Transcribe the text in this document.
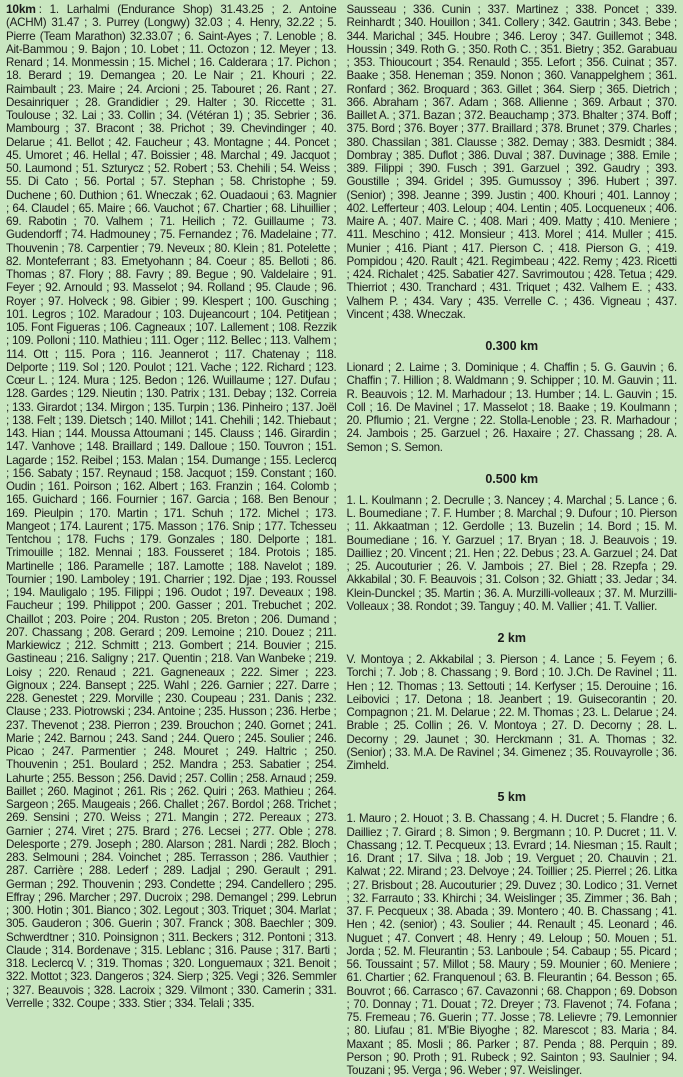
10km : 1. Larhalmi (Endurance Shop) 31.43.25 ; 2. Antoine (ACHM) 31.47 ; 3. Purrey (Longwy) 32.03 ; 4. Henry, 32.22 ; 5. Pierre (Team Marathon) 32.33.07 ; 6. Saint-Ayes ; 7. Lenoble ; 8. Ait-Bammou ; 9. Bajon ; 10. Lobet ; 11. Octozon ; 12. Meyer ; 13. Renard ; 14. Monmessin ; 15. Michel ; 16. Calderara ; 17. Pichon ; 18. Berard ; 19. Demangea ; 20. Le Nair ; 21. Khouri ; 22. Raimbault ; 23. Maire ; 24. Arcioni ; 25. Tabouret ; 26. Rant ; 27. Desainriquer ; 28. Grandidier ; 29. Halter ; 30. Riccette ; 31. Toulouse ; 32. Lai ; 33. Collin ; 34. (Vétéran 1) ; 35. Sebrier ; 36. Mambourg ; 37. Bracont ; 38. Prichot ; 39. Chevindinger ; 40. Delarue ; 41. Bellot ; 42. Faucheur ; 43. Montagne ; 44. Poncet ; 45. Umoret ; 46. Hellal ; 47. Boissier ; 48. Marchal ; 49. Jacquot ; 50. Laumond ; 51. Szturycz ; 52. Robert ; 53. Chehili ; 54. Weiss ; 55. Di Cato ; 56. Portal ; 57. Stephan ; 58. Christophe ; 59. Duchene ; 60. Duthion ; 61. Wneczak ; 62. Ouadaoui ; 63. Magnier ; 64. Claudel ; 65. Maire ; 66. Vauchot ; 67. Chartier ; 68. Lihuillier ; 69. Rabotin ; 70. Valhem ; 71. Heilich ; 72. Guillaume ; 73. Gudendorff ; 74. Hadmouney ; 75. Fernandez ; 76. Madelaine ; 77. Thouvenin ; 78. Carpentier ; 79. Neveux ; 80. Klein ; 81. Potelette ; 82. Monteferrant ; 83. Emetyohann ; 84. Coeur ; 85. Belloti ; 86. Thomas ; 87. Flory ; 88. Favry ; 89. Begue ; 90. Valdelaire ; 91. Feyer ; 92. Arnould ; 93. Masselot ; 94. Rolland ; 95. Claude ; 96. Royer ; 97. Holveck ; 98. Gibier ; 99. Klespert ; 100. Gusching ; 101. Legros ; 102. Maradour ; 103. Dujeancourt ; 104. Petitjean ; 105. Font Figueras ; 106. Cagneaux ; 107. Lallement ; 108. Rezzik ; 109. Polloni ; 110. Mathieu ; 111. Oger ; 112. Bellec ; 113. Valhem ; 114. Ott ; 115. Pora ; 116. Jeannerot ; 117. Chatenay ; 118. Delporte ; 119. Sol ; 120. Poulot ; 121. Vache ; 122. Richard ; 123. Cœur L. ; 124. Mura ; 125. Bedon ; 126. Wuillaume ; 127. Dufau ; 128. Gardes ; 129. Nieutin ; 130. Patrix ; 131. Debay ; 132. Correia ; 133. Girardot ; 134. Mirgon ; 135. Turpin ; 136. Pinheiro ; 137. Joël ; 138. Felt ; 139. Dietsch ; 140. Millot ; 141. Chehili ; 142. Thiebaut ; 143. Hian ; 144. Moussa Attoumani ; 145. Clauss ; 146. Girardin ; 147. Vanhove ; 148. Braillard ; 149. Dalloue ; 150. Touvron ; 151. Lagarde ; 152. Reibel ; 153. Malan ; 154. Dumange ; 155. Leclercq ; 156. Sabaty ; 157. Reynaud ; 158. Jacquot ; 159. Constant ; 160. Oudin ; 161. Poirson ; 162. Albert ; 163. Franzin ; 164. Colomb ; 165. Guichard ; 166. Fournier ; 167. Garcia ; 168. Ben Benour ; 169. Pieulpin ; 170. Martin ; 171. Schuh ; 172. Michel ; 173. Mangeot ; 174. Laurent ; 175. Masson ; 176. Snip ; 177. Tchesseu Tentchou ; 178. Fuchs ; 179. Gonzales ; 180. Delporte ; 181. Trimouille ; 182. Mennai ; 183. Fousseret ; 184. Protois ; 185. Martinelle ; 186. Paramelle ; 187. Lamotte ; 188. Navelot ; 189. Tournier ; 190. Lamboley ; 191. Charrier ; 192. Djae ; 193. Roussel ; 194. Mauligalo ; 195. Filippi ; 196. Oudot ; 197. Deveaux ; 198. Faucheur ; 199. Philippot ; 200. Gasser ; 201. Trebuchet ; 202. Chaillot ; 203. Poire ; 204. Ruston ; 205. Breton ; 206. Dumand ; 207. Chassang ; 208. Gerard ; 209. Lemoine ; 210. Douez ; 211. Markiewicz ; 212. Schmitt ; 213. Gombert ; 214. Bouvier ; 215. Gastineau ; 216. Saligny ; 217. Quentin ; 218. Van Wanbeke ; 219. Loisy ; 220. Renaud ; 221. Gagneneaux ; 222. Simer ; 223. Gignoux ; 224. Bansept ; 225. Wahl ; 226. Garnier ; 227. Darre ; 228. Genestet ; 229. Morville ; 230. Coupeau ; 231. Danis ; 232. Clause ; 233. Piotrowski ; 234. Antoine ; 235. Husson ; 236. Herbe ; 237. Thevenot ; 238. Pierron ; 239. Brouchon ; 240. Gornet ; 241. Marie ; 242. Barnou ; 243. Sand ; 244. Quero ; 245. Soulier ; 246. Picao ; 247. Parmentier ; 248. Mouret ; 249. Haltric ; 250. Thouvenin ; 251. Boulard ; 252. Mandra ; 253. Sabatier ; 254. Lahurte ; 255. Besson ; 256. David ; 257. Collin ; 258. Arnaud ; 259. Baillet ; 260. Maginot ; 261. Ris ; 262. Quiri ; 263. Mathieu ; 264. Sargeon ; 265. Maugeais ; 266. Challet ; 267. Bordol ; 268. Trichet ; 269. Sensini ; 270. Weiss ; 271. Mangin ; 272. Pereaux ; 273. Garnier ; 274. Viret ; 275. Brard ; 276. Lecsei ; 277. Oble ; 278. Delesporte ; 279. Joseph ; 280. Alarson ; 281. Nardi ; 282. Bloch ; 283. Selmouni ; 284. Voinchet ; 285. Terrasson ; 286. Vauthier ; 287. Carrière ; 288. Lederf ; 289. Ladjal ; 290. Gerault ; 291. German ; 292. Thouvenin ; 293. Condette ; 294. Candellero ; 295. Effray ; 296. Marcher ; 297. Ducroix ; 298. Demangel ; 299. Lebrun ; 300. Hotin ; 301. Bianco ; 302. Legout ; 303. Triquet ; 304. Marlat ; 305. Gauderon ; 306. Guerin ; 307. Franck ; 308. Baechler ; 309. Schwerdtner ; 310. Poinsignon ; 311. Beckers ; 312. Pontoni ; 313. Claude ; 314. Bordenave ; 315. Leblanc ; 316. Pause ; 317. Barti ; 318. Leclercq V. ; 319. Thomas ; 320. Longuemaux ; 321. Benoit ; 322. Mottot ; 323. Dangeros ; 324. Sierp ; 325. Vegi ; 326. Semmler ; 327. Beauvois ; 328. Lacroix ; 329. Vilmont ; 330. Camerin ; 331. Verrelle ; 332. Coupe ; 333. Stier ; 334. Telali ; 335.

Sausseau ; 336. Cunin ; 337. Martinez ; 338. Poncet ; 339. Reinhardt ; 340. Houillon ; 341. Collery ; 342. Gautrin ; 343. Bebe ; 344. Marichal ; 345. Houbre ; 346. Leroy ; 347. Guillemot ; 348. Houssin ; 349. Roth G. ; 350. Roth C. ; 351. Bietry ; 352. Garabuau ; 353. Thioucourt ; 354. Renauld ; 355. Lefort ; 356. Cuinat ; 357. Baake ; 358. Heneman ; 359. Nonon ; 360. Vanappelghem ; 361. Ronfard ; 362. Broquard ; 363. Gillet ; 364. Sierp ; 365. Dietrich ; 366. Abraham ; 367. Adam ; 368. Allienne ; 369. Arbaut ; 370. Baillet A. ; 371. Bazan ; 372. Beauchamp ; 373. Bhalter ; 374. Boff ; 375. Bord ; 376. Boyer ; 377. Braillard ; 378. Brunet ; 379. Charles ; 380. Chassilan ; 381. Clausse ; 382. Demay ; 383. Desmidt ; 384. Dombray ; 385. Duflot ; 386. Duval ; 387. Duvinage ; 388. Emile ; 389. Filippi ; 390. Fusch ; 391. Garzuel ; 392. Gaudry ; 393. Goustille ; 394. Gridel ; 395. Gumussoy ; 396. Hubert ; 397. (Senior) ; 398. Jeanne ; 399. Justin ; 400. Khouri ; 401. Lannoy ; 402. Lefferteur ; 403. Leloup ; 404. Lentin ; 405. Locqueneux ; 406. Maire A. ; 407. Maire C. ; 408. Mari ; 409. Matty ; 410. Meniere ; 411. Meschino ; 412. Monsieur ; 413. Morel ; 414. Muller ; 415. Munier ; 416. Piant ; 417. Pierson C. ; 418. Pierson G. ; 419. Pompidou ; 420. Rault ; 421. Regimbeau ; 422. Remy ; 423. Ricetti ; 424. Richalet ; 425. Sabatier 427. Savrimoutou ; 428. Tetua ; 429. Thierriot ; 430. Tranchard ; 431. Triquet ; 432. Valhem E. ; 433. Valhem P. ; 434. Vary ; 435. Verrelle C. ; 436. Vigneau ; 437. Vincent ; 438. Wneczak.

0.300 km

Lionard ; 2. Laime ; 3. Dominique ; 4. Chaffin ; 5. G. Gauvin ; 6. Chaffin ; 7. Hillion ; 8. Waldmann ; 9. Schipper ; 10. M. Gauvin ; 11. R. Beauvois ; 12. M. Marhadour ; 13. Humber ; 14. L. Gauvin ; 15. Coll ; 16. De Mavinel ; 17. Masselot ; 18. Baake ; 19. Koulmann ; 20. Pflumio ; 21. Vergne ; 22. Stolla-Lenoble ; 23. R. Marhadour ; 24. Jambois ; 25. Garzuel ; 26. Haxaire ; 27. Chassang ; 28. A. Semon ; S. Semon.

0.500 km

1. L. Koulmann ; 2. Decrulle ; 3. Nancey ; 4. Marchal ; 5. Lance ; 6. L. Boumediane ; 7. F. Humber ; 8. Marchal ; 9. Dufour ; 10. Pierson ; 11. Akkaatman ; 12. Gerdolle ; 13. Buzelin ; 14. Bord ; 15. M. Boumediane ; 16. Y. Garzuel ; 17. Bryan ; 18. J. Beauvois ; 19. Dailliez ; 20. Vincent ; 21. Hen ; 22. Debus ; 23. A. Garzuel ; 24. Dat ; 25. Aucouturier ; 26. V. Jambois ; 27. Biel ; 28. Rzepfa ; 29. Akkabilal ; 30. F. Beauvois ; 31. Colson ; 32. Ghiatt ; 33. Jedar ; 34. Klein-Dunckel ; 35. Martin ; 36. A. Murzilli-volleaux ; 37. M. Murzilli-Volleaux ; 38. Rondot ; 39. Tanguy ; 40. M. Vallier ; 41. T. Vallier.

2 km

V. Montoya ; 2. Akkabilal ; 3. Pierson ; 4. Lance ; 5. Feyem ; 6. Torchi ; 7. Job ; 8. Chassang ; 9. Bord ; 10. J.Ch. De Ravinel ; 11. Hen ; 12. Thomas ; 13. Settouti ; 14. Kerfyser ; 15. Derouine ; 16. Leibovici ; 17. Detona ; 18. Jeanbert ; 19. Guisecorantin ; 20. Compagnon ; 21. M. Delarue ; 22. M. Thomas ; 23. L. Delarue ; 24. Brable ; 25. Collin ; 26. V. Montoya ; 27. D. Decorny ; 28. L. Decorny ; 29. Jaunet ; 30. Herckmann ; 31. A. Thomas ; 32. (Senior) ; 33. M.A. De Ravinel ; 34. Gimenez ; 35. Rouvayrolle ; 36. Zimheld.

5 km

1. Mauro ; 2. Houot ; 3. B. Chassang ; 4. H. Ducret ; 5. Flandre ; 6. Dailliez ; 7. Girard ; 8. Simon ; 9. Bergmann ; 10. P. Ducret ; 11. V. Chassang ; 12. T. Pecqueux ; 13. Evrard ; 14. Niesman ; 15. Rault ; 16. Drant ; 17. Silva ; 18. Job ; 19. Verguet ; 20. Chauvin ; 21. Kalwat ; 22. Mirand ; 23. Delvoye ; 24. Toillier ; 25. Pierrel ; 26. Litka ; 27. Brisbout ; 28. Aucouturier ; 29. Duvez ; 30. Lodico ; 31. Vernet ; 32. Farrauto ; 33. Khirchi ; 34. Weislinger ; 35. Zimmer ; 36. Bah ; 37. F. Pecqueux ; 38. Abada ; 39. Montero ; 40. B. Chassang ; 41. Hen ; 42. (senior) ; 43. Soulier ; 44. Renault ; 45. Leonard ; 46. Nuguet ; 47. Convert ; 48. Henry ; 49. Leloup ; 50. Mouen ; 51. Jorda ; 52. M. Fleurantin ; 53. Lanboule ; 54. Cabaup ; 55. Picard ; 56. Toussaint ; 57. Millot ; 58. Maury ; 59. Mounier ; 60. Meniere ; 61. Chartier ; 62. Franquenoul ; 63. B. Fleurantin ; 64. Besson ; 65. Bouvrot ; 66. Carrasco ; 67. Cavazonni ; 68. Chappon ; 69. Dobson ; 70. Donnay ; 71. Douat ; 72. Dreyer ; 73. Flavenot ; 74. Fofana ; 75. Fremeau ; 76. Guerin ; 77. Josse ; 78. Lelievre ; 79. Lemonnier ; 80. Liufau ; 81. M'Bie Biyoghe ; 82. Marescot ; 83. Maria ; 84. Maxant ; 85. Mosli ; 86. Parker ; 87. Penda ; 88. Perquin ; 89. Person ; 90. Proth ; 91. Rubeck ; 92. Sainton ; 93. Saulnier ; 94. Touzani ; 95. Verga ; 96. Weber ; 97. Weislinger.
